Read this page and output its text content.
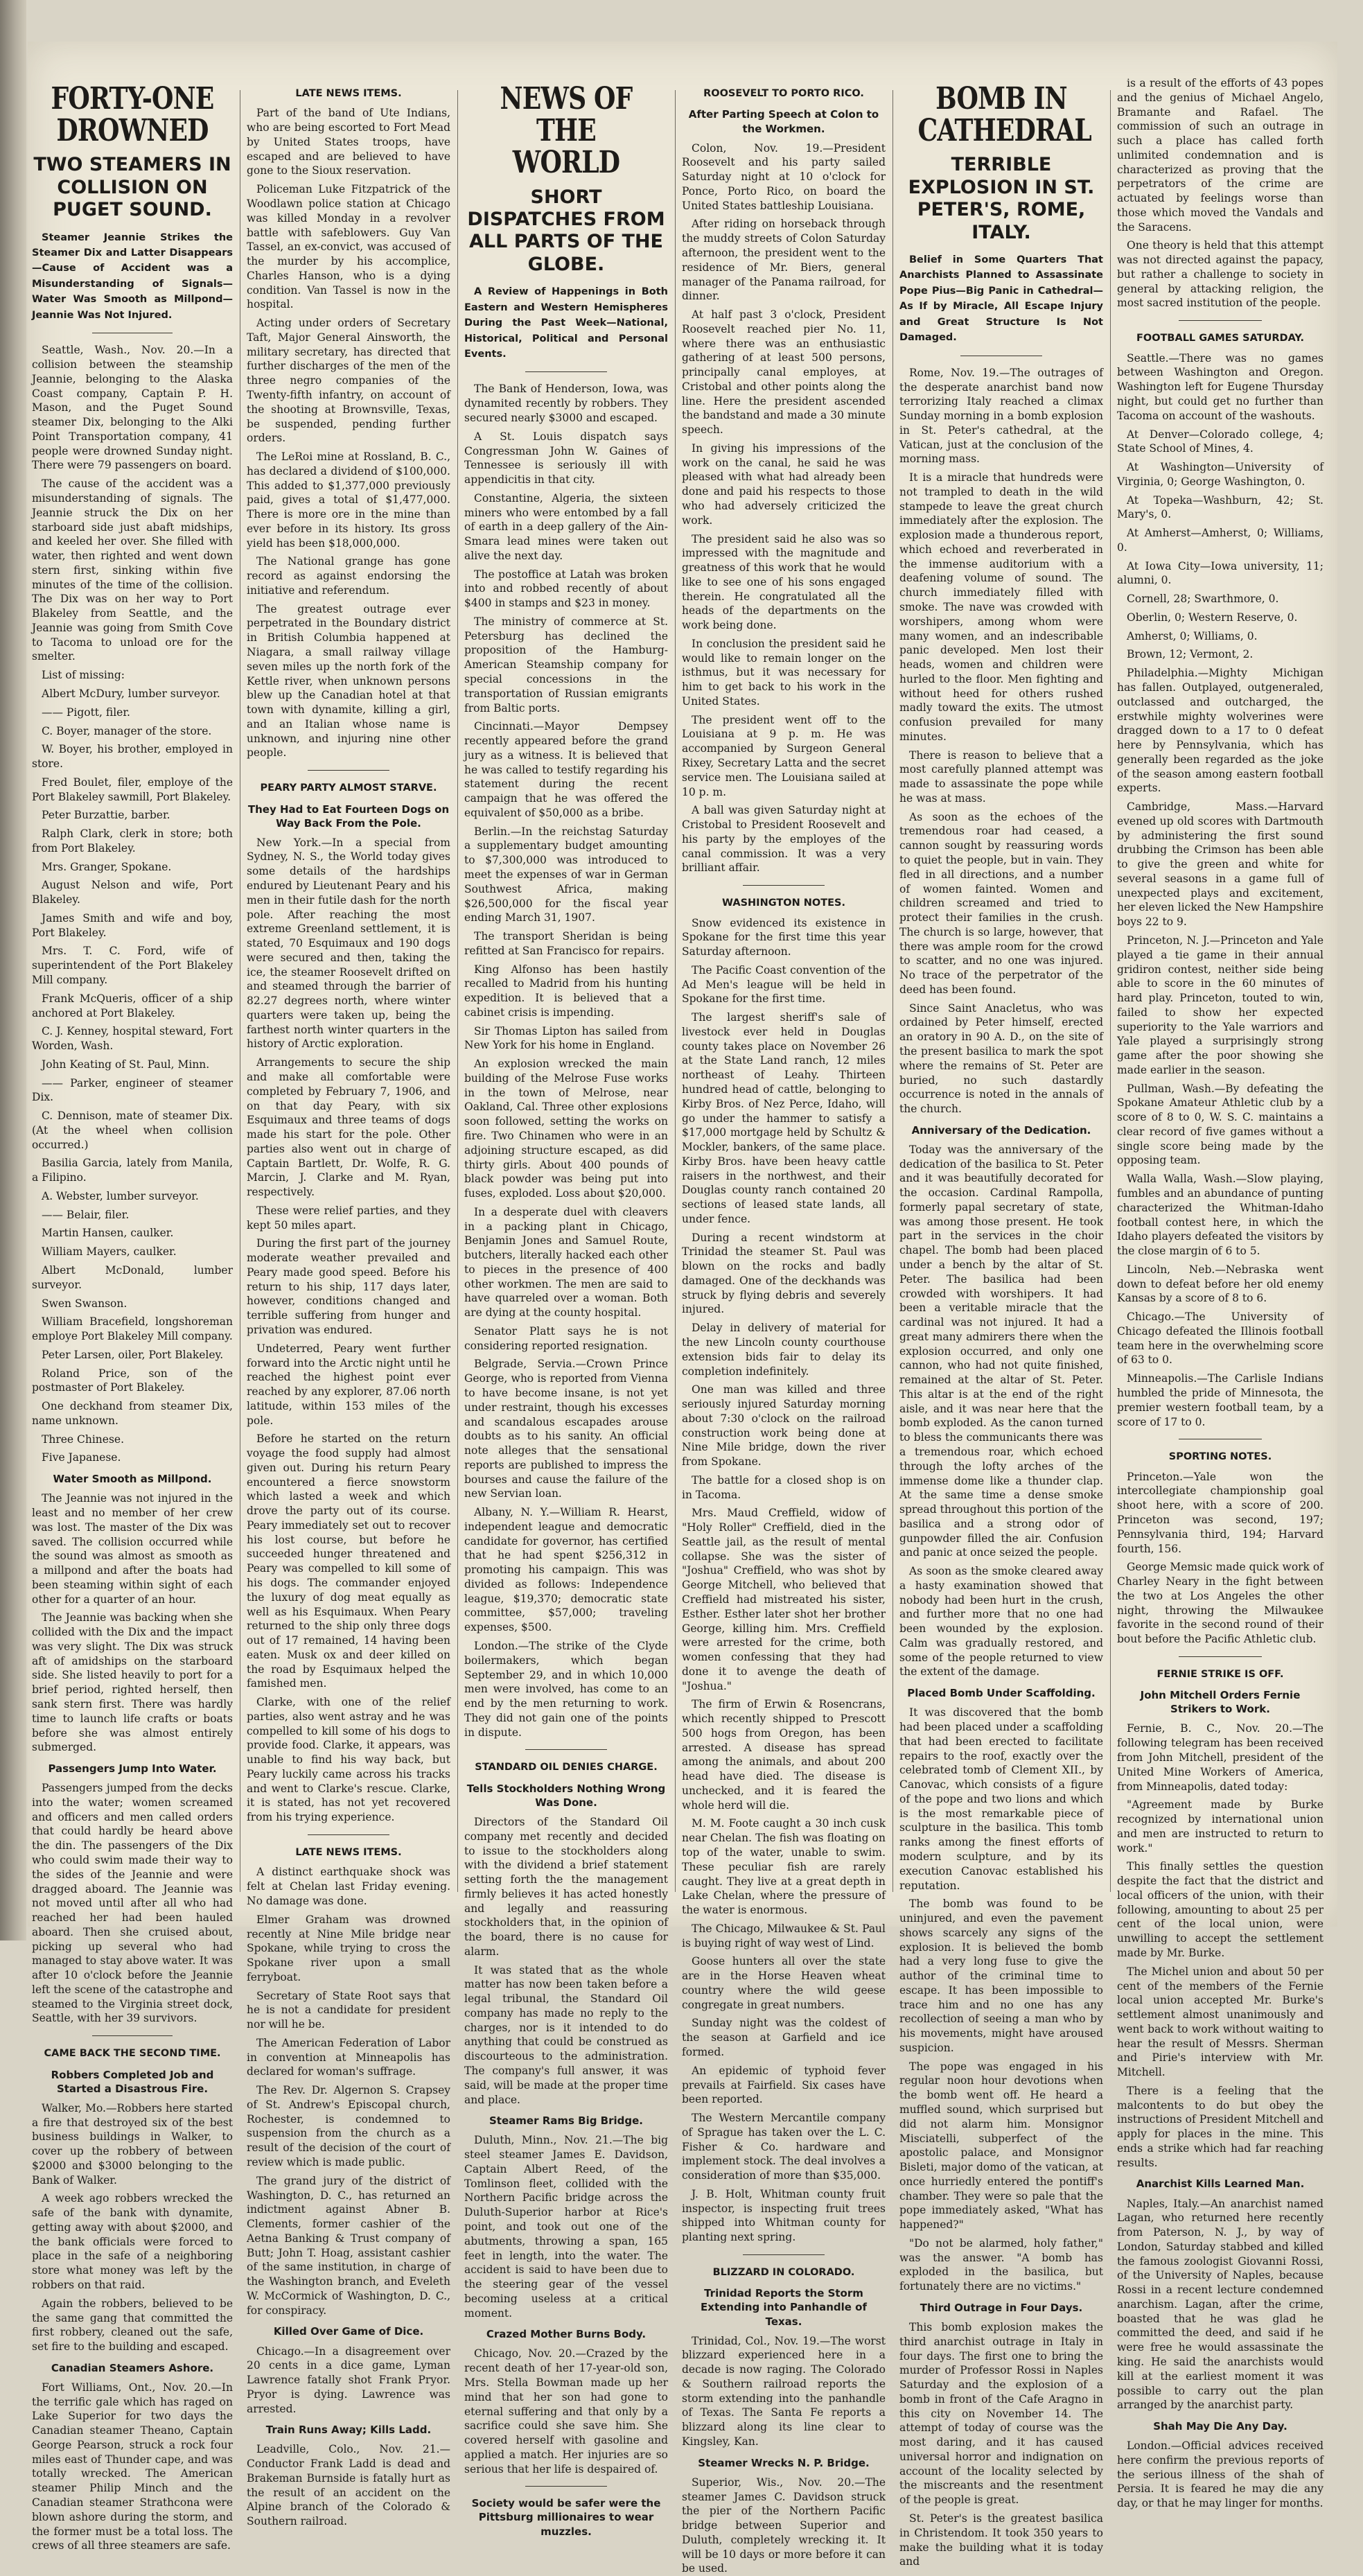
FORTY-ONE DROWNED
TWO STEAMERS IN COLLISION ON PUGET SOUND.
Steamer Jeannie Strikes the Steamer Dix and Latter Disappears—Cause of Accident was a Misunderstanding of Signals—Water Was Smooth as Millpond—Jeannie Was Not Injured.

Seattle, Wash., Nov. 20.—In a collision between the steamship Jeannie, belonging to the Alaska Coast company, Captain P. H. Mason, and the Puget Sound steamer Dix, belonging to the Alki Point Transportation company, 41 people were drowned Sunday night. There were 79 passengers on board.

The cause of the accident was a misunderstanding of signals. The Jeannie struck the Dix on her starboard side just abaft midships, and keeled her over. She filled with water, then righted and went down stern first, sinking within five minutes of the time of the collision. The Dix was on her way to Port Blakeley from Seattle, and the Jeannie was going from Smith Cove to Tacoma to unload ore for the smelter.

List of missing:

Albert McDury, lumber surveyor.

—— Pigott, filer.

C. Boyer, manager of the store.

W. Boyer, his brother, employed in store.

Fred Boulet, filer, employe of the Port Blakeley sawmill, Port Blakeley.

Peter Burzattie, barber.

Ralph Clark, clerk in store; both from Port Blakeley.

Mrs. Granger, Spokane.

August Nelson and wife, Port Blakeley.

James Smith and wife and boy, Port Blakeley.

Mrs. T. C. Ford, wife of superintendent of the Port Blakeley Mill company.

Frank McQueris, officer of a ship anchored at Port Blakeley.

C. J. Kenney, hospital steward, Fort Worden, Wash.

John Keating of St. Paul, Minn.

—— Parker, engineer of steamer Dix.

C. Dennison, mate of steamer Dix. (At the wheel when collision occurred.)

Basilia Garcia, lately from Manila, a Filipino.

A. Webster, lumber surveyor.

—— Belair, filer.

Martin Hansen, caulker.

William Mayers, caulker.

Albert McDonald, lumber surveyor.

Swen Swanson.

William Bracefield, longshoreman employe Port Blakeley Mill company.

Peter Larsen, oiler, Port Blakeley.

Roland Price, son of the postmaster of Port Blakeley.

One deckhand from steamer Dix, name unknown.

Three Chinese.

Five Japanese.

Water Smooth as Millpond.

The Jeannie was not injured in the least and no member of her crew was lost. The master of the Dix was saved. The collision occurred while the sound was almost as smooth as a millpond and after the boats had been steaming within sight of each other for a quarter of an hour.

The Jeannie was backing when she collided with the Dix and the impact was very slight. The Dix was struck aft of amidships on the starboard side. She listed heavily to port for a brief period, righted herself, then sank stern first. There was hardly time to launch life crafts or boats before she was almost entirely submerged.

Passengers Jump Into Water.

Passengers jumped from the decks into the water; women screamed and officers and men called orders that could hardly be heard above the din. The passengers of the Dix who could swim made their way to the sides of the Jeannie and were dragged aboard. The Jeannie was not moved until after all who had reached her had been hauled aboard. Then she cruised about, picking up several who had managed to stay above water. It was after 10 o'clock before the Jeannie left the scene of the catastrophe and steamed to the Virginia street dock, Seattle, with her 39 survivors.

CAME BACK THE SECOND TIME.
Robbers Completed Job and Started a Disastrous Fire.

Walker, Mo.—Robbers here started a fire that destroyed six of the best business buildings in Walker, to cover up the robbery of between $2000 and $3000 belonging to the Bank of Walker.

A week ago robbers wrecked the safe of the bank with dynamite, getting away with about $2000, and the bank officials were forced to place in the safe of a neighboring store what money was left by the robbers on that raid.

Again the robbers, believed to be the same gang that committed the first robbery, cleaned out the safe, set fire to the building and escaped.

Canadian Steamers Ashore.

Fort Williams, Ont., Nov. 20.—In the terrific gale which has raged on Lake Superior for two days the Canadian steamer Theano, Captain George Pearson, struck a rock four miles east of Thunder cape, and was totally wrecked. The American steamer Philip Minch and the Canadian steamer Strathcona were blown ashore during the storm, and the former must be a total loss. The crews of all three steamers are safe.

LATE NEWS ITEMS.

Part of the band of Ute Indians, who are being escorted to Fort Mead by United States troops, have escaped and are believed to have gone to the Sioux reservation.

Policeman Luke Fitzpatrick of the Woodlawn police station at Chicago was killed Monday in a revolver battle with safeblowers. Guy Van Tassel, an ex-convict, was accused of the murder by his accomplice, Charles Hanson, who is a dying condition. Van Tassel is now in the hospital.

Acting under orders of Secretary Taft, Major General Ainsworth, the military secretary, has directed that further discharges of the men of the three negro companies of the Twenty-fifth infantry, on account of the shooting at Brownsville, Texas, be suspended, pending further orders.

The LeRoi mine at Rossland, B. C., has declared a dividend of $100,000. This added to $1,377,000 previously paid, gives a total of $1,477,000. There is more ore in the mine than ever before in its history. Its gross yield has been $18,000,000.

The National grange has gone record as against endorsing the initiative and referendum.

The greatest outrage ever perpetrated in the Boundary district in British Columbia happened at Niagara, a small railway village seven miles up the north fork of the Kettle river, when unknown persons blew up the Canadian hotel at that town with dynamite, killing a girl, and an Italian whose name is unknown, and injuring nine other people.

PEARY PARTY ALMOST STARVE.
They Had to Eat Fourteen Dogs on Way Back From the Pole.

New York.—In a special from Sydney, N. S., the World today gives some details of the hardships endured by Lieutenant Peary and his men in their futile dash for the north pole. After reaching the most extreme Greenland settlement, it is stated, 70 Esquimaux and 190 dogs were secured and then, taking the ice, the steamer Roosevelt drifted on and steamed through the barrier of 82.27 degrees north, where winter quarters were taken up, being the farthest north winter quarters in the history of Arctic exploration.

Arrangements to secure the ship and make all comfortable were completed by February 7, 1906, and on that day Peary, with six Esquimaux and three teams of dogs made his start for the pole. Other parties also went out in charge of Captain Bartlett, Dr. Wolfe, R. G. Marcin, J. Clarke and M. Ryan, respectively.

These were relief parties, and they kept 50 miles apart.

During the first part of the journey moderate weather prevailed and Peary made good speed. Before his return to his ship, 117 days later, however, conditions changed and terrible suffering from hunger and privation was endured.

Undeterred, Peary went further forward into the Arctic night until he reached the highest point ever reached by any explorer, 87.06 north latitude, within 153 miles of the pole.

Before he started on the return voyage the food supply had almost given out. During his return Peary encountered a fierce snowstorm which lasted a week and which drove the party out of its course. Peary immediately set out to recover his lost course, but before he succeeded hunger threatened and Peary was compelled to kill some of his dogs. The commander enjoyed the luxury of dog meat equally as well as his Esquimaux. When Peary returned to the ship only three dogs out of 17 remained, 14 having been eaten. Musk ox and deer killed on the road by Esquimaux helped the famished men.

Clarke, with one of the relief parties, also went astray and he was compelled to kill some of his dogs to provide food. Clarke, it appears, was unable to find his way back, but Peary luckily came across his tracks and went to Clarke's rescue. Clarke, it is stated, has not yet recovered from his trying experience.

LATE NEWS ITEMS.

A distinct earthquake shock was felt at Chelan last Friday evening. No damage was done.

Elmer Graham was drowned recently at Nine Mile bridge near Spokane, while trying to cross the Spokane river upon a small ferryboat.

Secretary of State Root says that he is not a candidate for president nor will he be.

The American Federation of Labor in convention at Minneapolis has declared for woman's suffrage.

The Rev. Dr. Algernon S. Crapsey of St. Andrew's Episcopal church, Rochester, is condemned to suspension from the church as a result of the decision of the court of review which is made public.

The grand jury of the district of Washington, D. C., has returned an indictment against Abner B. Clements, former cashier of the Aetna Banking & Trust company of Butt; John T. Hoag, assistant cashier of the same institution, in charge of the Washington branch, and Eveleth W. McCormick of Washington, D. C., for conspiracy.

Killed Over Game of Dice.

Chicago.—In a disagreement over 20 cents in a dice game, Lyman Lawrence fatally shot Frank Pryor. Pryor is dying. Lawrence was arrested.

Train Runs Away; Kills Ladd.

Leadville, Colo., Nov. 21.—Conductor Frank Ladd is dead and Brakeman Burnside is fatally hurt as the result of an accident on the Alpine branch of the Colorado & Southern railroad.

NEWS OF THE WORLD
SHORT DISPATCHES FROM ALL PARTS OF THE GLOBE.
A Review of Happenings in Both Eastern and Western Hemispheres During the Past Week—National, Historical, Political and Personal Events.

The Bank of Henderson, Iowa, was dynamited recently by robbers. They secured nearly $3000 and escaped.

A St. Louis dispatch says Congressman John W. Gaines of Tennessee is seriously ill with appendicitis in that city.

Constantine, Algeria, the sixteen miners who were entombed by a fall of earth in a deep gallery of the Ain-Smara lead mines were taken out alive the next day.

The postoffice at Latah was broken into and robbed recently of about $400 in stamps and $23 in money.

The ministry of commerce at St. Petersburg has declined the proposition of the Hamburg-American Steamship company for special concessions in the transportation of Russian emigrants from Baltic ports.

Cincinnati.—Mayor Dempsey recently appeared before the grand jury as a witness. It is believed that he was called to testify regarding his statement during the recent campaign that he was offered the equivalent of $50,000 as a bribe.

Berlin.—In the reichstag Saturday a supplementary budget amounting to $7,300,000 was introduced to meet the expenses of war in German Southwest Africa, making $26,500,000 for the fiscal year ending March 31, 1907.

The transport Sheridan is being refitted at San Francisco for repairs.

King Alfonso has been hastily recalled to Madrid from his hunting expedition. It is believed that a cabinet crisis is impending.

Sir Thomas Lipton has sailed from New York for his home in England.

An explosion wrecked the main building of the Melrose Fuse works in the town of Melrose, near Oakland, Cal. Three other explosions soon followed, setting the works on fire. Two Chinamen who were in an adjoining structure escaped, as did thirty girls. About 400 pounds of black powder was being put into fuses, exploded. Loss about $20,000.

In a desperate duel with cleavers in a packing plant in Chicago, Benjamin Jones and Samuel Route, butchers, literally hacked each other to pieces in the presence of 400 other workmen. The men are said to have quarreled over a woman. Both are dying at the county hospital.

Senator Platt says he is not considering reported resignation.

Belgrade, Servia.—Crown Prince George, who is reported from Vienna to have become insane, is not yet under restraint, though his excesses and scandalous escapades arouse doubts as to his sanity. An official note alleges that the sensational reports are published to impress the bourses and cause the failure of the new Servian loan.

Albany, N. Y.—William R. Hearst, independent league and democratic candidate for governor, has certified that he had spent $256,312 in promoting his campaign. This was divided as follows: Independence league, $19,370; democratic state committee, $57,000; traveling expenses, $500.

London.—The strike of the Clyde boilermakers, which began September 29, and in which 10,000 men were involved, has come to an end by the men returning to work. They did not gain one of the points in dispute.

STANDARD OIL DENIES CHARGE.
Tells Stockholders Nothing Wrong Was Done.

Directors of the Standard Oil company met recently and decided to issue to the stockholders along with the dividend a brief statement setting forth the the management firmly believes it has acted honestly and legally and reassuring stockholders that, in the opinion of the board, there is no cause for alarm.

It was stated that as the whole matter has now been taken before a legal tribunal, the Standard Oil company has made no reply to the charges, nor is it intended to do anything that could be construed as discourteous to the administration. The company's full answer, it was said, will be made at the proper time and place.

Steamer Rams Big Bridge.

Duluth, Minn., Nov. 21.—The big steel steamer James E. Davidson, Captain Albert Reed, of the Tomlinson fleet, collided with the Northern Pacific bridge across the Duluth-Superior harbor at Rice's point, and took out one of the abutments, throwing a span, 165 feet in length, into the water. The accident is said to have been due to the steering gear of the vessel becoming useless at a critical moment.

Crazed Mother Burns Body.

Chicago, Nov. 20.—Crazed by the recent death of her 17-year-old son, Mrs. Stella Bowman made up her mind that her son had gone to eternal suffering and that only by a sacrifice could she save him. She covered herself with gasoline and applied a match. Her injuries are so serious that her life is despaired of.

Society would be safer were the Pittsburg millionaires to wear muzzles.
ROOSEVELT TO PORTO RICO.
After Parting Speech at Colon to the Workmen.

Colon, Nov. 19.—President Roosevelt and his party sailed Saturday night at 10 o'clock for Ponce, Porto Rico, on board the United States battleship Louisiana.

After riding on horseback through the muddy streets of Colon Saturday afternoon, the president went to the residence of Mr. Biers, general manager of the Panama railroad, for dinner.

At half past 3 o'clock, President Roosevelt reached pier No. 11, where there was an enthusiastic gathering of at least 500 persons, principally canal employes, at Cristobal and other points along the line. Here the president ascended the bandstand and made a 30 minute speech.

In giving his impressions of the work on the canal, he said he was pleased with what had already been done and paid his respects to those who had adversely criticized the work.

The president said he also was so impressed with the magnitude and greatness of this work that he would like to see one of his sons engaged therein. He congratulated all the heads of the departments on the work being done.

In conclusion the president said he would like to remain longer on the isthmus, but it was necessary for him to get back to his work in the United States.

The president went off to the Louisiana at 9 p. m. He was accompanied by Surgeon General Rixey, Secretary Latta and the secret service men. The Louisiana sailed at 10 p. m.

A ball was given Saturday night at Cristobal to President Roosevelt and his party by the employes of the canal commission. It was a very brilliant affair.

WASHINGTON NOTES.

Snow evidenced its existence in Spokane for the first time this year Saturday afternoon.

The Pacific Coast convention of the Ad Men's league will be held in Spokane for the first time.

The largest sheriff's sale of livestock ever held in Douglas county takes place on November 26 at the State Land ranch, 12 miles northeast of Leahy. Thirteen hundred head of cattle, belonging to Kirby Bros. of Nez Perce, Idaho, will go under the hammer to satisfy a $17,000 mortgage held by Schultz & Mockler, bankers, of the same place. Kirby Bros. have been heavy cattle raisers in the northwest, and their Douglas county ranch contained 20 sections of leased state lands, all under fence.

During a recent windstorm at Trinidad the steamer St. Paul was blown on the rocks and badly damaged. One of the deckhands was struck by flying debris and severely injured.

Delay in delivery of material for the new Lincoln county courthouse extension bids fair to delay its completion indefinitely.

One man was killed and three seriously injured Saturday morning about 7:30 o'clock on the railroad construction work being done at Nine Mile bridge, down the river from Spokane.

The battle for a closed shop is on in Tacoma.

Mrs. Maud Creffield, widow of "Holy Roller" Creffield, died in the Seattle jail, as the result of mental collapse. She was the sister of "Joshua" Creffield, who was shot by George Mitchell, who believed that Creffield had mistreated his sister, Esther. Esther later shot her brother George, killing him. Mrs. Creffield were arrested for the crime, both women confessing that they had done it to avenge the death of "Joshua."

The firm of Erwin & Rosencrans, which recently shipped to Prescott 500 hogs from Oregon, has been arrested. A disease has spread among the animals, and about 200 head have died. The disease is unchecked, and it is feared the whole herd will die.

M. M. Foote caught a 30 inch cusk near Chelan. The fish was floating on top of the water, unable to swim. These peculiar fish are rarely caught. They live at a great depth in Lake Chelan, where the pressure of the water is enormous.

The Chicago, Milwaukee & St. Paul is buying right of way west of Lind.

Goose hunters all over the state are in the Horse Heaven wheat country where the wild geese congregate in great numbers.

Sunday night was the coldest of the season at Garfield and ice formed.

An epidemic of typhoid fever prevails at Fairfield. Six cases have been reported.

The Western Mercantile company of Sprague has taken over the L. C. Fisher & Co. hardware and implement stock. The deal involves a consideration of more than $35,000.

J. B. Holt, Whitman county fruit inspector, is inspecting fruit trees shipped into Whitman county for planting next spring.

BLIZZARD IN COLORADO.
Trinidad Reports the Storm Extending into Panhandle of Texas.

Trinidad, Col., Nov. 19.—The worst blizzard experienced here in a decade is now raging. The Colorado & Southern railroad reports the storm extending into the panhandle of Texas. The Santa Fe reports a blizzard along its line clear to Kingsley, Kan.

Steamer Wrecks N. P. Bridge.

Superior, Wis., Nov. 20.—The steamer James C. Davidson struck the pier of the Northern Pacific bridge between Superior and Duluth, completely wrecking it. It will be 10 days or more before it can be used.

BOMB IN CATHEDRAL
TERRIBLE EXPLOSION IN ST. PETER'S, ROME, ITALY.
Belief in Some Quarters That Anarchists Planned to Assassinate Pope Pius—Big Panic in Cathedral—As If by Miracle, All Escape Injury and Great Structure Is Not Damaged.

Rome, Nov. 19.—The outrages of the desperate anarchist band now terrorizing Italy reached a climax Sunday morning in a bomb explosion in St. Peter's cathedral, at the Vatican, just at the conclusion of the morning mass.

It is a miracle that hundreds were not trampled to death in the wild stampede to leave the great church immediately after the explosion. The explosion made a thunderous report, which echoed and reverberated in the immense auditorium with a deafening volume of sound. The church immediately filled with smoke. The nave was crowded with worshipers, among whom were many women, and an indescribable panic developed. Men lost their heads, women and children were hurled to the floor. Men fighting and without heed for others rushed madly toward the exits. The utmost confusion prevailed for many minutes.

There is reason to believe that a most carefully planned attempt was made to assassinate the pope while he was at mass.

As soon as the echoes of the tremendous roar had ceased, a cannon sought by reassuring words to quiet the people, but in vain. They fled in all directions, and a number of women fainted. Women and children screamed and tried to protect their families in the crush. The church is so large, however, that there was ample room for the crowd to scatter, and no one was injured. No trace of the perpetrator of the deed has been found.

Since Saint Anacletus, who was ordained by Peter himself, erected an oratory in 90 A. D., on the site of the present basilica to mark the spot where the remains of St. Peter are buried, no such dastardly occurrence is noted in the annals of the church.

Anniversary of the Dedication.

Today was the anniversary of the dedication of the basilica to St. Peter and it was beautifully decorated for the occasion. Cardinal Rampolla, formerly papal secretary of state, was among those present. He took part in the services in the choir chapel. The bomb had been placed under a bench by the altar of St. Peter. The basilica had been crowded with worshipers. It had been a veritable miracle that the cardinal was not injured. It had a great many admirers there when the explosion occurred, and only one cannon, who had not quite finished, remained at the altar of St. Peter. This altar is at the end of the right aisle, and it was near here that the bomb exploded. As the canon turned to bless the communicants there was a tremendous roar, which echoed through the lofty arches of the immense dome like a thunder clap. At the same time a dense smoke spread throughout this portion of the basilica and a strong odor of gunpowder filled the air. Confusion and panic at once seized the people.

As soon as the smoke cleared away a hasty examination showed that nobody had been hurt in the crush, and further more that no one had been wounded by the explosion. Calm was gradually restored, and some of the people returned to view the extent of the damage.

Placed Bomb Under Scaffolding.

It was discovered that the bomb had been placed under a scaffolding that had been erected to facilitate repairs to the roof, exactly over the celebrated tomb of Clement XII., by Canovac, which consists of a figure of the pope and two lions and which is the most remarkable piece of sculpture in the basilica. This tomb ranks among the finest efforts of modern sculpture, and by its execution Canovac established his reputation.

The bomb was found to be uninjured, and even the pavement shows scarcely any signs of the explosion. It is believed the bomb had a very long fuse to give the author of the criminal time to escape. It has been impossible to trace him and no one has any recollection of seeing a man who by his movements, might have aroused suspicion.

The pope was engaged in his regular noon hour devotions when the bomb went off. He heard a muffled sound, which surprised but did not alarm him. Monsignor Misciatelli, subperfect of the apostolic palace, and Monsignor Bisleti, major domo of the vatican, at once hurriedly entered the pontiff's chamber. They were so pale that the pope immediately asked, "What has happened?"

"Do not be alarmed, holy father," was the answer. "A bomb has exploded in the basilica, but fortunately there are no victims."

Third Outrage in Four Days.

This bomb explosion makes the third anarchist outrage in Italy in four days. The first one to bring the murder of Professor Rossi in Naples Saturday and the explosion of a bomb in front of the Cafe Aragno in this city on November 14. The attempt of today of course was the most daring, and it has caused universal horror and indignation on account of the locality selected by the miscreants and the resentment of the people is great.

St. Peter's is the greatest basilica in Christendom. It took 350 years to make the building what it is today and

is a result of the efforts of 43 popes and the genius of Michael Angelo, Bramante and Rafael. The commission of such an outrage in such a place has called forth unlimited condemnation and is characterized as proving that the perpetrators of the crime are actuated by feelings worse than those which moved the Vandals and the Saracens.

One theory is held that this attempt was not directed against the papacy, but rather a challenge to society in general by attacking religion, the most sacred institution of the people.

FOOTBALL GAMES SATURDAY.

Seattle.—There was no games between Washington and Oregon. Washington left for Eugene Thursday night, but could get no further than Tacoma on account of the washouts.

At Denver—Colorado college, 4; State School of Mines, 4.

At Washington—University of Virginia, 0; George Washington, 0.

At Topeka—Washburn, 42; St. Mary's, 0.

At Amherst—Amherst, 0; Williams, 0.

At Iowa City—Iowa university, 11; alumni, 0.

Cornell, 28; Swarthmore, 0.

Oberlin, 0; Western Reserve, 0.

Amherst, 0; Williams, 0.

Brown, 12; Vermont, 2.

Philadelphia.—Mighty Michigan has fallen. Outplayed, outgeneraled, outclassed and outcharged, the erstwhile mighty wolverines were dragged down to a 17 to 0 defeat here by Pennsylvania, which has generally been regarded as the joke of the season among eastern football experts.

Cambridge, Mass.—Harvard evened up old scores with Dartmouth by administering the first sound drubbing the Crimson has been able to give the green and white for several seasons in a game full of unexpected plays and excitement, her eleven licked the New Hampshire boys 22 to 9.

Princeton, N. J.—Princeton and Yale played a tie game in their annual gridiron contest, neither side being able to score in the 60 minutes of hard play. Princeton, touted to win, failed to show her expected superiority to the Yale warriors and Yale played a surprisingly strong game after the poor showing she made earlier in the season.

Pullman, Wash.—By defeating the Spokane Amateur Athletic club by a score of 8 to 0, W. S. C. maintains a clear record of five games without a single score being made by the opposing team.

Walla Walla, Wash.—Slow playing, fumbles and an abundance of punting characterized the Whitman-Idaho football contest here, in which the Idaho players defeated the visitors by the close margin of 6 to 5.

Lincoln, Neb.—Nebraska went down to defeat before her old enemy Kansas by a score of 8 to 6.

Chicago.—The University of Chicago defeated the Illinois football team here in the overwhelming score of 63 to 0.

Minneapolis.—The Carlisle Indians humbled the pride of Minnesota, the premier western football team, by a score of 17 to 0.

SPORTING NOTES.

Princeton.—Yale won the intercollegiate championship goal shoot here, with a score of 200. Princeton was second, 197; Pennsylvania third, 194; Harvard fourth, 156.

George Memsic made quick work of Charley Neary in the fight between the two at Los Angeles the other night, throwing the Milwaukee favorite in the second round of their bout before the Pacific Athletic club.

FERNIE STRIKE IS OFF.
John Mitchell Orders Fernie Strikers to Work.

Fernie, B. C., Nov. 20.—The following telegram has been received from John Mitchell, president of the United Mine Workers of America, from Minneapolis, dated today:

"Agreement made by Burke recognized by international union and men are instructed to return to work."

This finally settles the question despite the fact that the district and local officers of the union, with their following, amounting to about 25 per cent of the local union, were unwilling to accept the settlement made by Mr. Burke.

The Michel union and about 50 per cent of the members of the Fernie local union accepted Mr. Burke's settlement almost unanimously and went back to work without waiting to hear the result of Messrs. Sherman and Pirie's interview with Mr. Mitchell.

There is a feeling that the malcontents to do but obey the instructions of President Mitchell and apply for places in the mine. This ends a strike which had far reaching results.

Anarchist Kills Learned Man.

Naples, Italy.—An anarchist named Lagan, who returned here recently from Paterson, N. J., by way of London, Saturday stabbed and killed the famous zoologist Giovanni Rossi, of the University of Naples, because Rossi in a recent lecture condemned anarchism. Lagan, after the crime, boasted that he was glad he committed the deed, and said if he were free he would assassinate the king. He said the anarchists would kill at the earliest moment it was possible to carry out the plan arranged by the anarchist party.

Shah May Die Any Day.

London.—Official advices received here confirm the previous reports of the serious illness of the shah of Persia. It is feared he may die any day, or that he may linger for months.
